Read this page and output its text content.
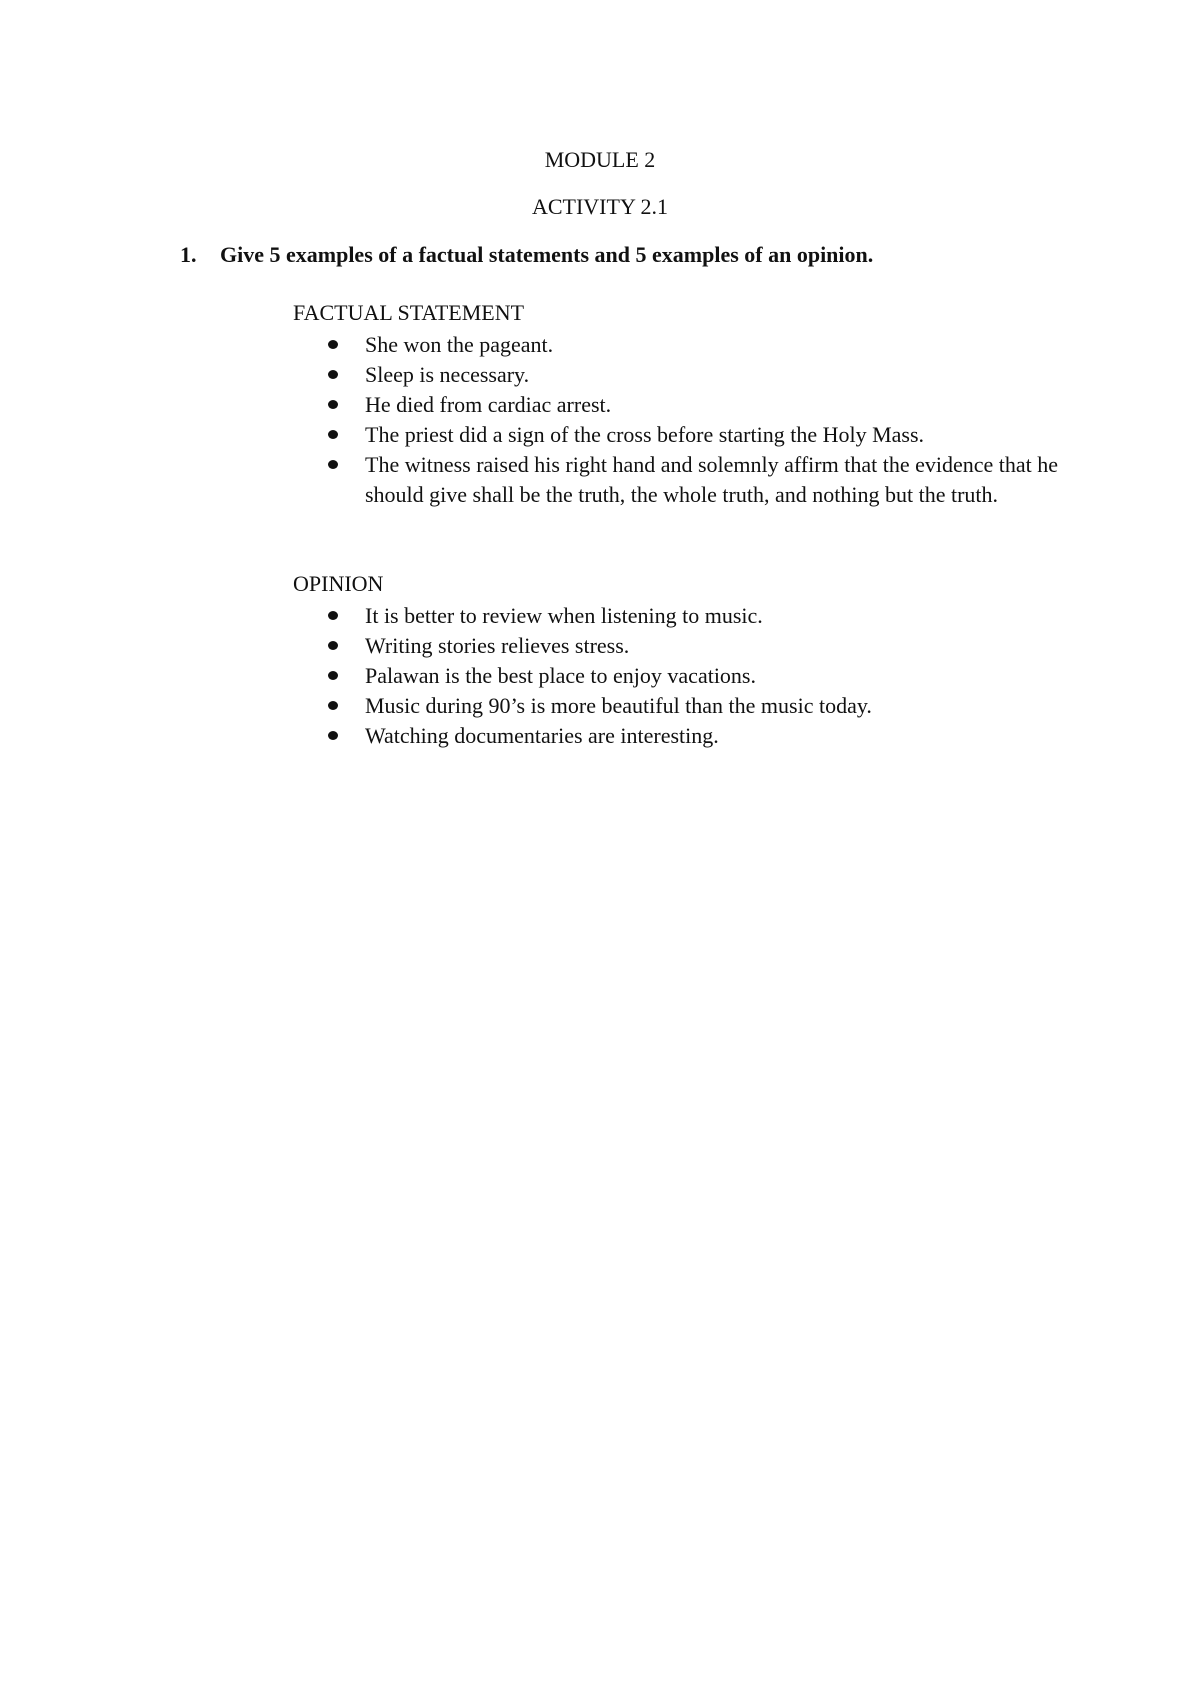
MODULE 2
ACTIVITY 2.1
1. Give 5 examples of a factual statements and 5 examples of an opinion.
FACTUAL STATEMENT
She won the pageant.
Sleep is necessary.
He died from cardiac arrest.
The priest did a sign of the cross before starting the Holy Mass.
The witness raised his right hand and solemnly affirm that the evidence that he should give shall be the truth, the whole truth, and nothing but the truth.
OPINION
It is better to review when listening to music.
Writing stories relieves stress.
Palawan is the best place to enjoy vacations.
Music during 90’s is more beautiful than the music today.
Watching documentaries are interesting.
